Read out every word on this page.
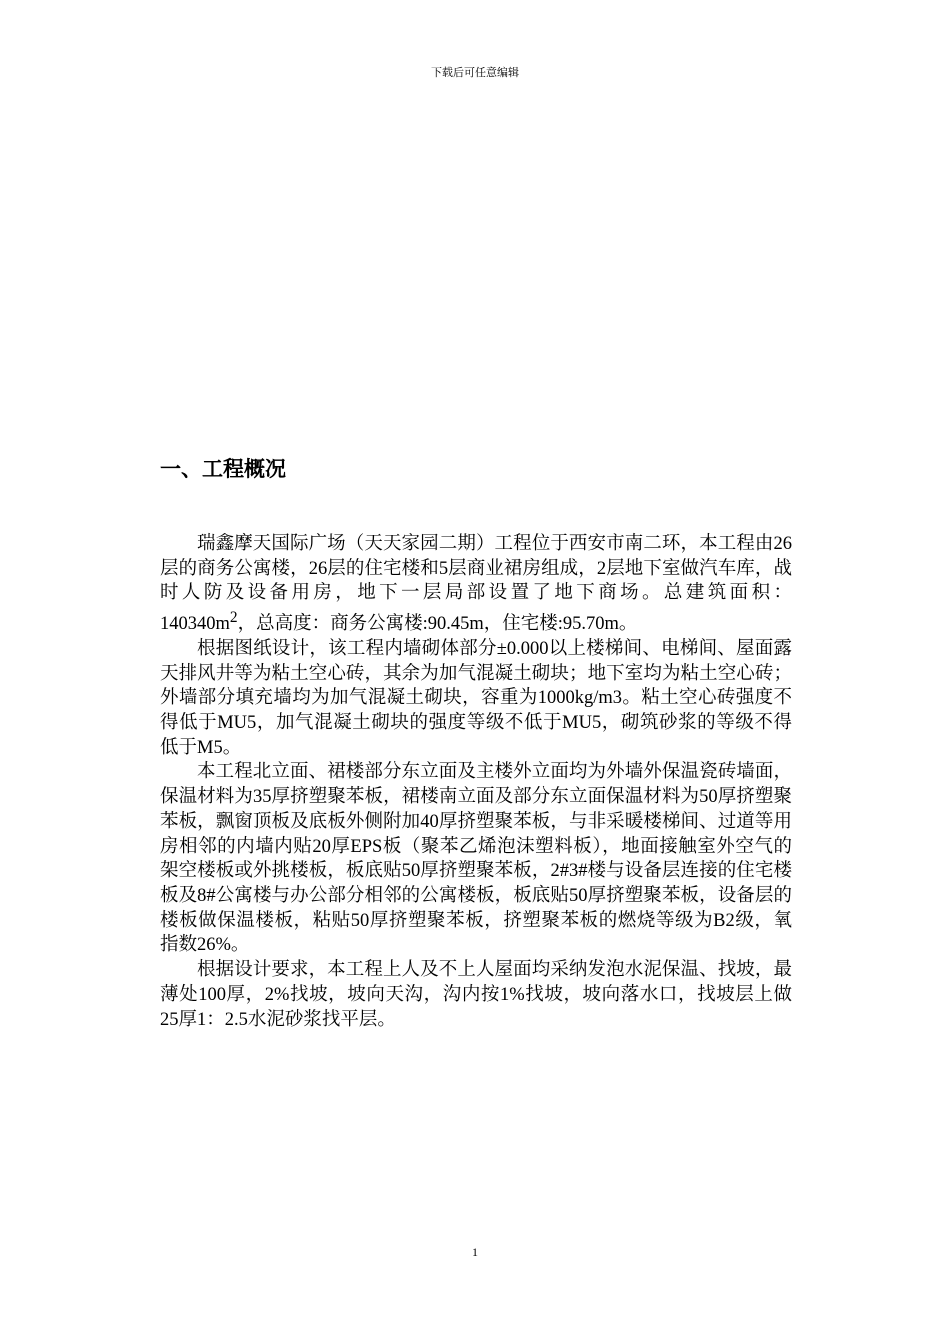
下载后可任意编辑
一、工程概况

瑞鑫摩天国际广场（天天家园二期）工程位于西安市南二环，本工程由26层的商务公寓楼，26层的住宅楼和5层商业裙房组成，2层地下室做汽车库，战时人防及设备用房，地下一层局部设置了地下商场。总建筑面积：$140340m^2$，总高度：商务公寓楼:90.45m，住宅楼:95.70m。

根据图纸设计，该工程内墙砌体部分±0.000以上楼梯间、电梯间、屋面露天排风井等为粘土空心砖，其余为加气混凝土砌块；地下室均为粘土空心砖；外墙部分填充墙均为加气混凝土砌块，容重为1000kg/m3。粘土空心砖强度不得低于MU5，加气混凝土砌块的强度等级不低于MU5，砌筑砂浆的等级不得低于M5。

本工程北立面、裙楼部分东立面及主楼外立面均为外墙外保温瓷砖墙面，保温材料为35厚挤塑聚苯板，裙楼南立面及部分东立面保温材料为50厚挤塑聚苯板，飘窗顶板及底板外侧附加40厚挤塑聚苯板，与非采暖楼梯间、过道等用房相邻的内墙内贴20厚EPS板（聚苯乙烯泡沫塑料板），地面接触室外空气的架空楼板或外挑楼板，板底贴50厚挤塑聚苯板，2#3#楼与设备层连接的住宅楼板及8#公寓楼与办公部分相邻的公寓楼板，板底贴50厚挤塑聚苯板，设备层的楼板做保温楼板，粘贴50厚挤塑聚苯板，挤塑聚苯板的燃烧等级为B2级，氧指数26%。

根据设计要求，本工程上人及不上人屋面均采纳发泡水泥保温、找坡，最薄处100厚，2%找坡，坡向天沟，沟内按1%找坡，坡向落水口，找坡层上做25厚1：2.5水泥砂浆找平层。

1
